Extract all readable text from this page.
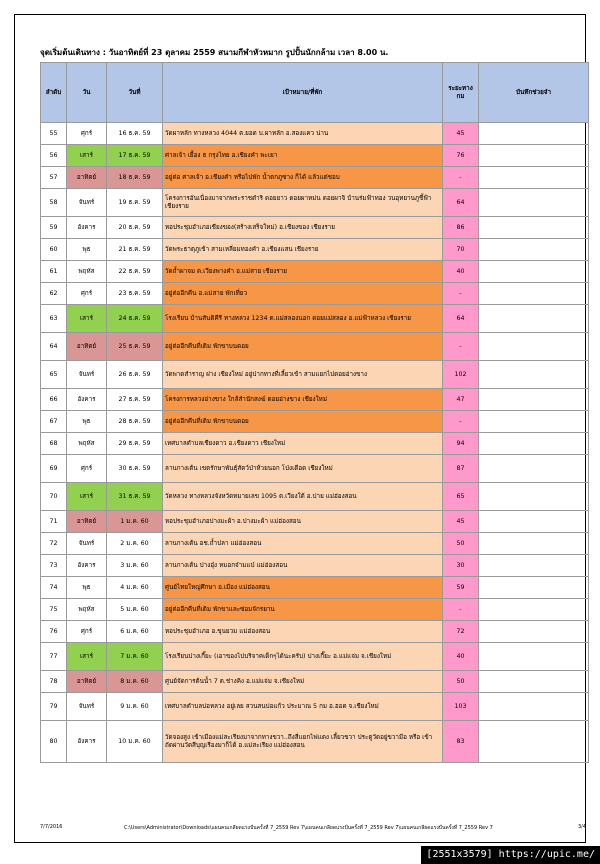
จุดเริ่มต้นเดินทาง : วันอาทิตย์ที่ 23 ตุลาคม 2559 สนามกีฬาหัวหมาก รูปปั้นนักกล้าม เวลา 8.00 น.
ลำดับ	วัน	วันที่	เป้าหมาย/ที่พัก	ระยะทาง กม	บันทึกช่วยจำ
55	ศุกร์	16 ธ.ค. 59	วัดผาหลัก ทางหลวง 4044 ต.ยอด บ.ผาหลัก อ.สองแคว น่าน	45	
56	เสาร์	17 ธ.ค. 59	ศาลเจ้า เยื้อง ธ กรุงไทย อ.เชียงคำ พะเยา	76	
57	อาทิตย์	18 ธ.ค. 59	อยู่ต่อ ศาลเจ้า อ.เชียงคำ หรือไปพัก น้ำตกภูซาง ก็ได้ แล้วแต่ชอบ	-	
58	จันทร์	19 ธ.ค. 59	โครงการอันเนื่องมาจากพระราชดำริ ดอยยาว ดอยผาหม่น ดอยผาจิ บ้านร่มฟ้าทอง วนอุทยานภูชี้ฟ้า เชียงราย	64	
59	อังคาร	20 ธ.ค. 59	หอประชุมอำเภอเชียงของ(สร้างเสร็จใหม่) อ.เชียงของ เชียงราย	86	
60	พุธ	21 ธ.ค. 59	วัดพระธาตุภูเข้า สามเหลี่ยมทองคำ อ.เชียงแสน เชียงราย	70	
61	พฤหัส	22 ธ.ค. 59	วัดถ้ำผาจม ต.เวียงพางคำ อ.แม่สาย เชียงราย	40	
62	ศุกร์	23 ธ.ค. 59	อยู่ต่ออีกคืน อ.แม่สาย พักเที่ยว	-	
63	เสาร์	24 ธ.ค. 59	โรงเรียน บ้านสันติคีรี ทางหลวง 1234 ต.แม่สลองนอก ดอยแม่สลอง อ.แม่ฟ้าหลวง เชียงราย	64	
64	อาทิตย์	25 ธ.ค. 59	อยู่ต่ออีกคืนที่เดิม พักขาบนดอย	-	
65	จันทร์	26 ธ.ค. 59	วัดพาดสำราญ ฝาง เชียงใหม่ อยู่ปากทางที่เลี้ยวเข้า สามแยกไปดอยอ่างขาง	102	
66	อังคาร	27 ธ.ค. 59	โครงการหลวงอ่างขาง ใกล้สำนักสงฆ์ ดอยอ่างขาง เชียงใหม่	47	
67	พุธ	28 ธ.ค. 59	อยู่ต่ออีกคืนที่เดิม พักขาบนดอย	-	
68	พฤหัส	29 ธ.ค. 59	เทศบาลตำบลเชียงดาว อ.เชียงดาว เชียงใหม่	94	
69	ศุกร์	30 ธ.ค. 59	ลานกางเต้น เขตรักษาพันธุ์สัตว์ป่าห้วยนอก โป่งเดือด เชียงใหม่	87	
70	เสาร์	31 ธ.ค. 59	วัดหลวง ทางหลวงจังหวัดหมายเลข 1095 ต.เวียงใต้ อ.ปาย แม่ฮ่องสอน	65	
71	อาทิตย์	1 ม.ค. 60	หอประชุมอำเภอปางมะผ้า อ.ปางมะผ้า แม่ฮ่องสอน	45	
72	จันทร์	2 ม.ค. 60	ลานกางเต้น อช.ถ้ำปลา แม่ฮ่องสอน	50	
73	อังคาร	3 ม.ค. 60	ลานกางเต้น ปางอุ๋ง หมอกจ๋ามแป่ แม่ฮ่องสอน	30	
74	พุธ	4 ม.ค. 60	ศูนย์ไทยใหญ่ศึกษา อ.เมือง แม่ฮ่องสอน	59	
75	พฤหัส	5 ม.ค. 60	อยู่ต่ออีกคืนที่เดิม พักขาและซ่อมจักรยาน	-	
76	ศุกร์	6 ม.ค. 60	หอประชุมอำเภอ อ.ขุนยวม แม่ฮ่องสอน	72	
77	เสาร์	7 ม.ค. 60	โรงเรียนปางเกี๊ยะ (เอาของไปบริจาคเด็กๆได้นะครับ) ปางเกี๊ยะ อ.แม่แจ่ม จ.เชียงใหม่	40	
78	อาทิตย์	8 ม.ค. 60	ศูนย์จัดการต้นน้ำ 7 ต.ช่างคิง อ.แม่แจ่ม จ.เชียงใหม่	50	
79	จันทร์	9 ม.ค. 60	เทศบาลตำบลบ่อหลวง อยู่เลย สวนสนบ่อแก้ว ประมาณ 5 กม อ.ฮอด จ.เชียงใหม่	103	
80	อังคาร	10 ม.ค. 60	วัดจองสูง เข้าเมืองแม่สะเรียงมาจากทางขวา..ถึงสี่แยกไฟแดง เลี้ยวขวา ประตูวัดอยู่ขวามือ หรือ เข้าถัดผ่านวัดสีบุญเรืองมาก็ได้ อ.แม่สะเรียง แม่ฮ่องสอน	83	
7/7/2016	C:\Users\Administrator\Downloads\แผนคนเกลียดแรงปั่นครั้งที่ 7_2559 Rev 7\แผนคนเกลียดแรงปั่นครั้งที่ 7_2559 Rev 7\แผนคนเกลียดแรงปั่นครั้งที่ 7_2559 Rev 7	3/4
[2551x3579] https://upic.me/
